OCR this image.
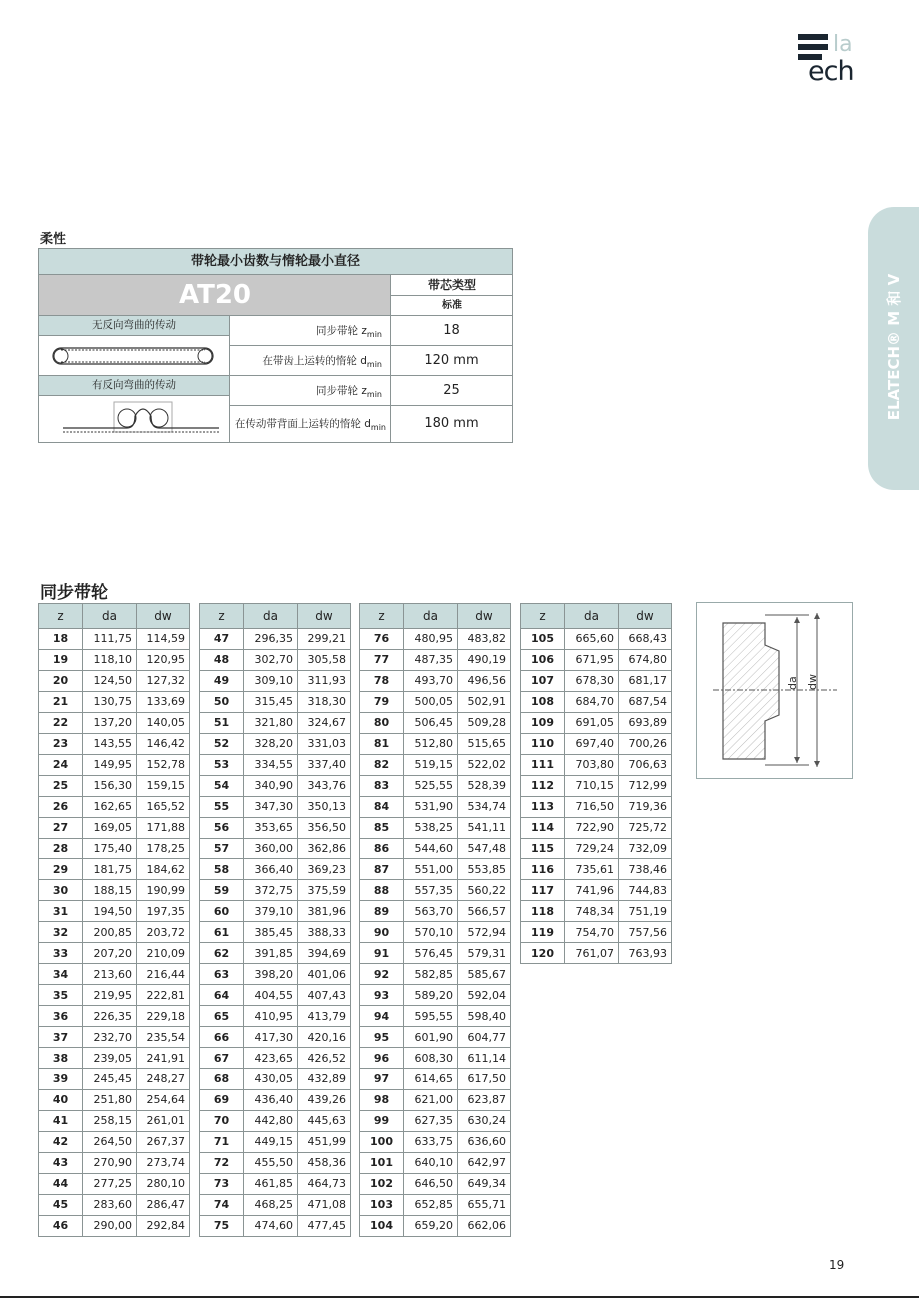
la
ech
ELATECH® M 和 V
柔性
带轮最小齿数与惰轮最小直径
AT20	带芯类型
标准
无反向弯曲的传动
有反向弯曲的传动
同步带轮 $z_{min}$	18
在带齿上运转的惰轮 $d_{min}$	120 mm
同步带轮 $z_{min}$	25
在传动带背面上运转的惰轮 $d_{min}$	180 mm
同步带轮
z	da	dw
18	111,75	114,59
19	118,10	120,95
20	124,50	127,32
21	130,75	133,69
22	137,20	140,05
23	143,55	146,42
24	149,95	152,78
25	156,30	159,15
26	162,65	165,52
27	169,05	171,88
28	175,40	178,25
29	181,75	184,62
30	188,15	190,99
31	194,50	197,35
32	200,85	203,72
33	207,20	210,09
34	213,60	216,44
35	219,95	222,81
36	226,35	229,18
37	232,70	235,54
38	239,05	241,91
39	245,45	248,27
40	251,80	254,64
41	258,15	261,01
42	264,50	267,37
43	270,90	273,74
44	277,25	280,10
45	283,60	286,47
46	290,00	292,84
z	da	dw
47	296,35	299,21
48	302,70	305,58
49	309,10	311,93
50	315,45	318,30
51	321,80	324,67
52	328,20	331,03
53	334,55	337,40
54	340,90	343,76
55	347,30	350,13
56	353,65	356,50
57	360,00	362,86
58	366,40	369,23
59	372,75	375,59
60	379,10	381,96
61	385,45	388,33
62	391,85	394,69
63	398,20	401,06
64	404,55	407,43
65	410,95	413,79
66	417,30	420,16
67	423,65	426,52
68	430,05	432,89
69	436,40	439,26
70	442,80	445,63
71	449,15	451,99
72	455,50	458,36
73	461,85	464,73
74	468,25	471,08
75	474,60	477,45
z	da	dw
76	480,95	483,82
77	487,35	490,19
78	493,70	496,56
79	500,05	502,91
80	506,45	509,28
81	512,80	515,65
82	519,15	522,02
83	525,55	528,39
84	531,90	534,74
85	538,25	541,11
86	544,60	547,48
87	551,00	553,85
88	557,35	560,22
89	563,70	566,57
90	570,10	572,94
91	576,45	579,31
92	582,85	585,67
93	589,20	592,04
94	595,55	598,40
95	601,90	604,77
96	608,30	611,14
97	614,65	617,50
98	621,00	623,87
99	627,35	630,24
100	633,75	636,60
101	640,10	642,97
102	646,50	649,34
103	652,85	655,71
104	659,20	662,06
z	da	dw
105	665,60	668,43
106	671,95	674,80
107	678,30	681,17
108	684,70	687,54
109	691,05	693,89
110	697,40	700,26
111	703,80	706,63
112	710,15	712,99
113	716,50	719,36
114	722,90	725,72
115	729,24	732,09
116	735,61	738,46
117	741,96	744,83
118	748,34	751,19
119	754,70	757,56
120	761,07	763,93
da dw
19
